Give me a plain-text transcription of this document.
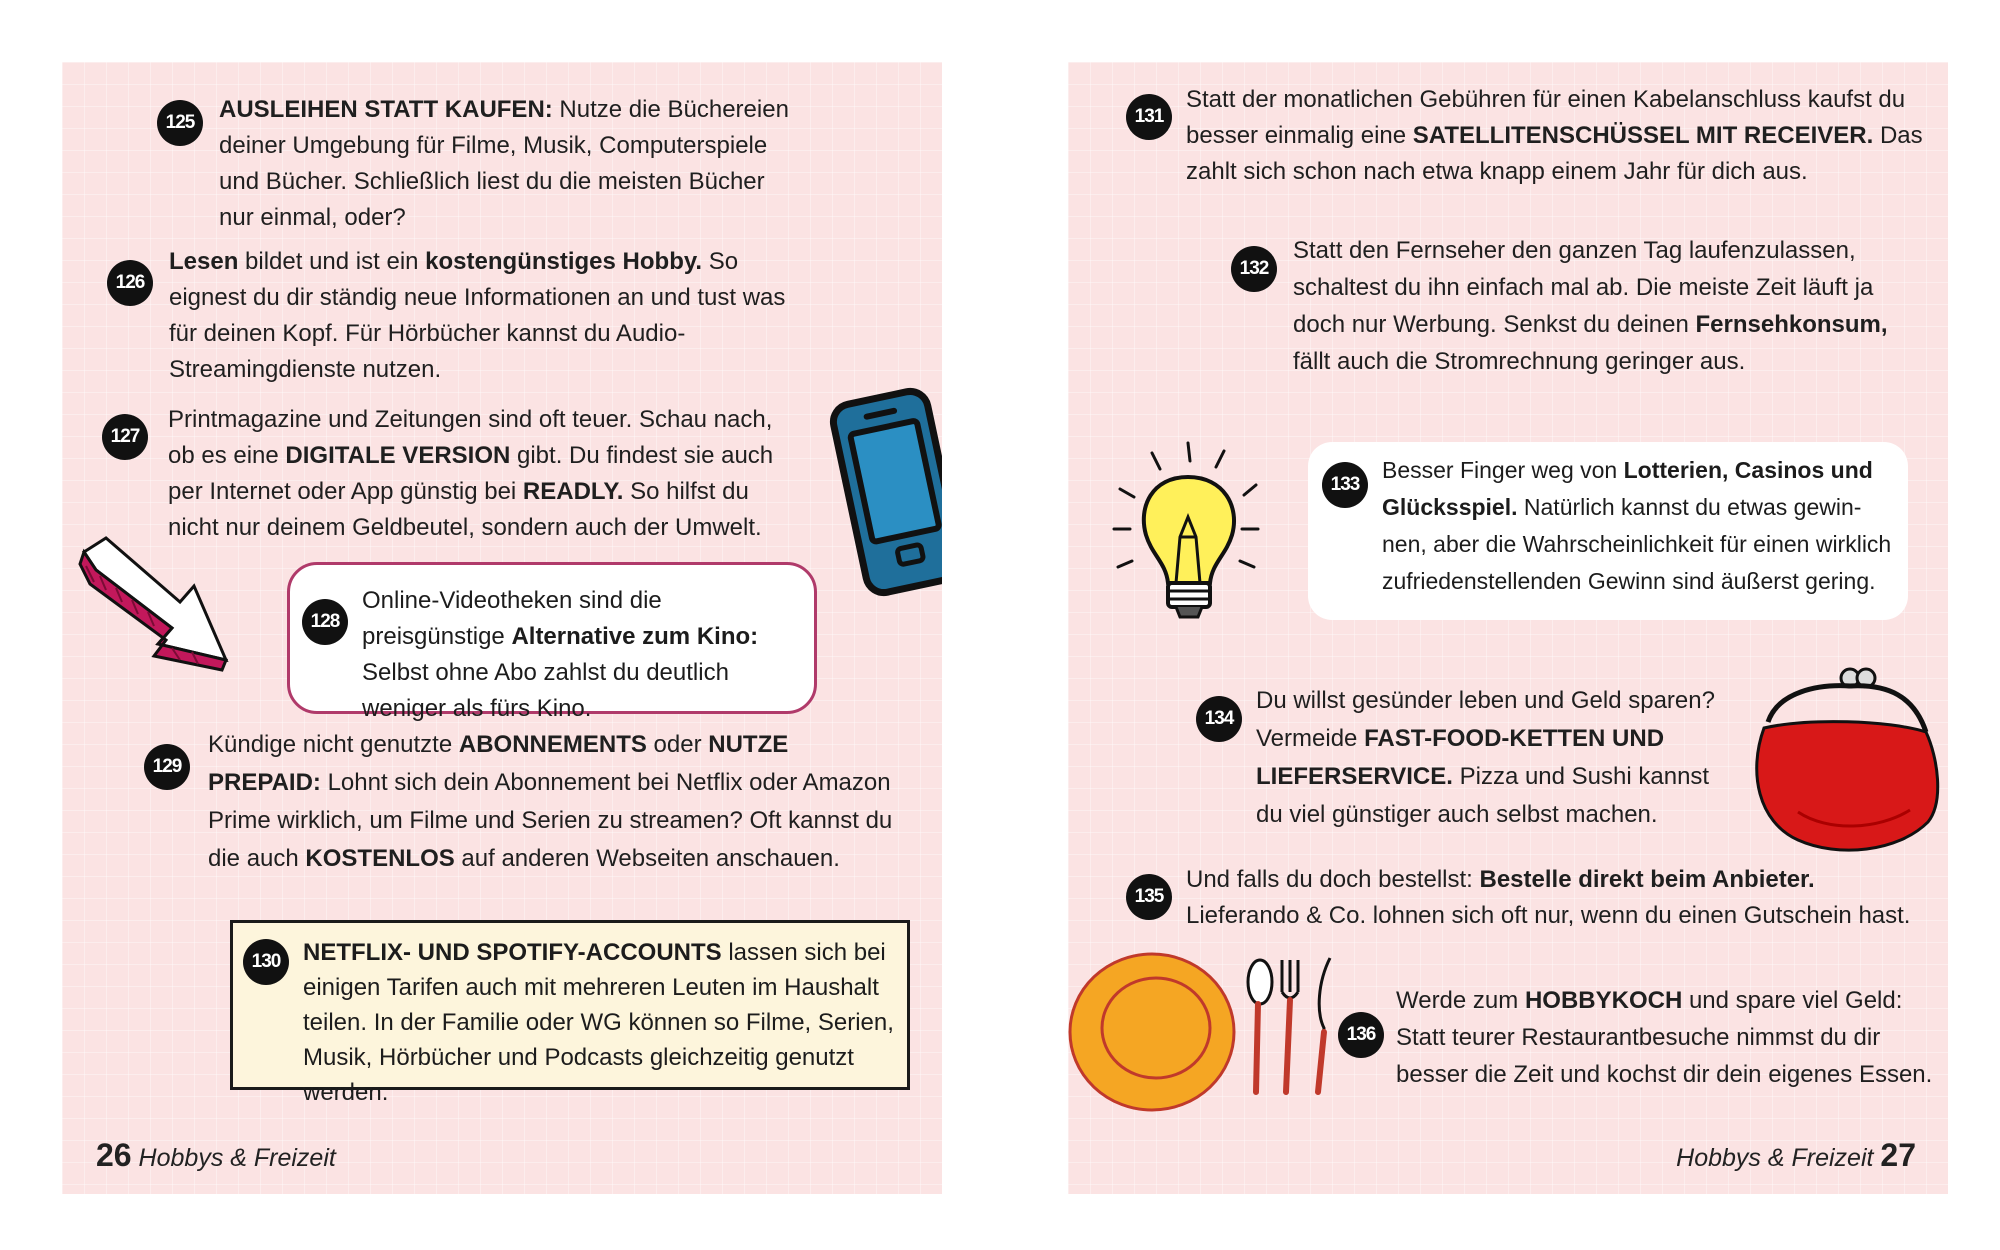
125	AUSLEIHEN STATT KAUFEN: Nutze die Büchereien deiner Umgebung für Filme, Musik, Computerspiele und Bücher. Schließlich liest du die meisten Bücher nur einmal, oder?

126

Lesen bildet und ist ein kostengünstiges Hobby. So eignest du dir ständig neue Informationen an und tust was für deinen Kopf. Für Hörbücher kannst du Audio-Streamingdienste nutzen.

127

Printmagazine und Zeitungen sind oft teuer. Schau nach, ob es eine DIGITALE VERSION gibt. Du findest sie auch per Internet oder App günstig bei READLY. So hilfst du nicht nur deinem Geldbeutel, sondern auch der Umwelt.

128

Online-Videotheken sind die preisgünstige Alternative zum Kino: Selbst ohne Abo zahlst du deutlich weniger als fürs Kino.

129

Kündige nicht genutzte ABONNEMENTS oder NUTZE PREPAID: Lohnt sich dein Abonnement bei Netflix oder Amazon Prime wirklich, um Filme und Serien zu streamen? Oft kannst du die auch KOSTENLOS auf anderen Webseiten anschauen.

130 NETFLIX- UND SPOTIFY-ACCOUNTS lassen sich bei einigen Tarifen auch mit mehreren Leuten im Haushalt teilen. In der Familie oder WG können so Filme, Serien, Musik, Hörbücher und Podcasts gleichzeitig genutzt werden.

26 Hobbys & Freizeit
131

Statt der monatlichen Gebühren für einen Kabelanschluss kaufst du besser einmalig eine SATELLITENSCHÜSSEL MIT RECEIVER. Das zahlt sich schon nach etwa knapp einem Jahr für dich aus.

132

Statt den Fernseher den ganzen Tag laufenzulassen, schaltest du ihn einfach mal ab. Die meiste Zeit läuft ja doch nur Werbung. Senkst du deinen Fernsehkonsum, fällt auch die Stromrechnung geringer aus.

133

Besser Finger weg von Lotterien, Casinos und Glücksspiel. Natürlich kannst du etwas gewinnen, aber die Wahrscheinlichkeit für einen wirklich zufriedenstellenden Gewinn sind äußerst gering.

134

Du willst gesünder leben und Geld sparen? Vermeide FAST-FOOD-KETTEN UND LIEFERSERVICE. Pizza und Sushi kannst du viel günstiger auch selbst machen.

135

Und falls du doch bestellst: Bestelle direkt beim Anbieter. Lieferando & Co. lohnen sich oft nur, wenn du einen Gutschein hast.

136

Werde zum HOBBYKOCH und spare viel Geld: Statt teurer Restaurantbesuche nimmst du dir besser die Zeit und kochst dir dein eigenes Essen.

Hobbys & Freizeit 27
